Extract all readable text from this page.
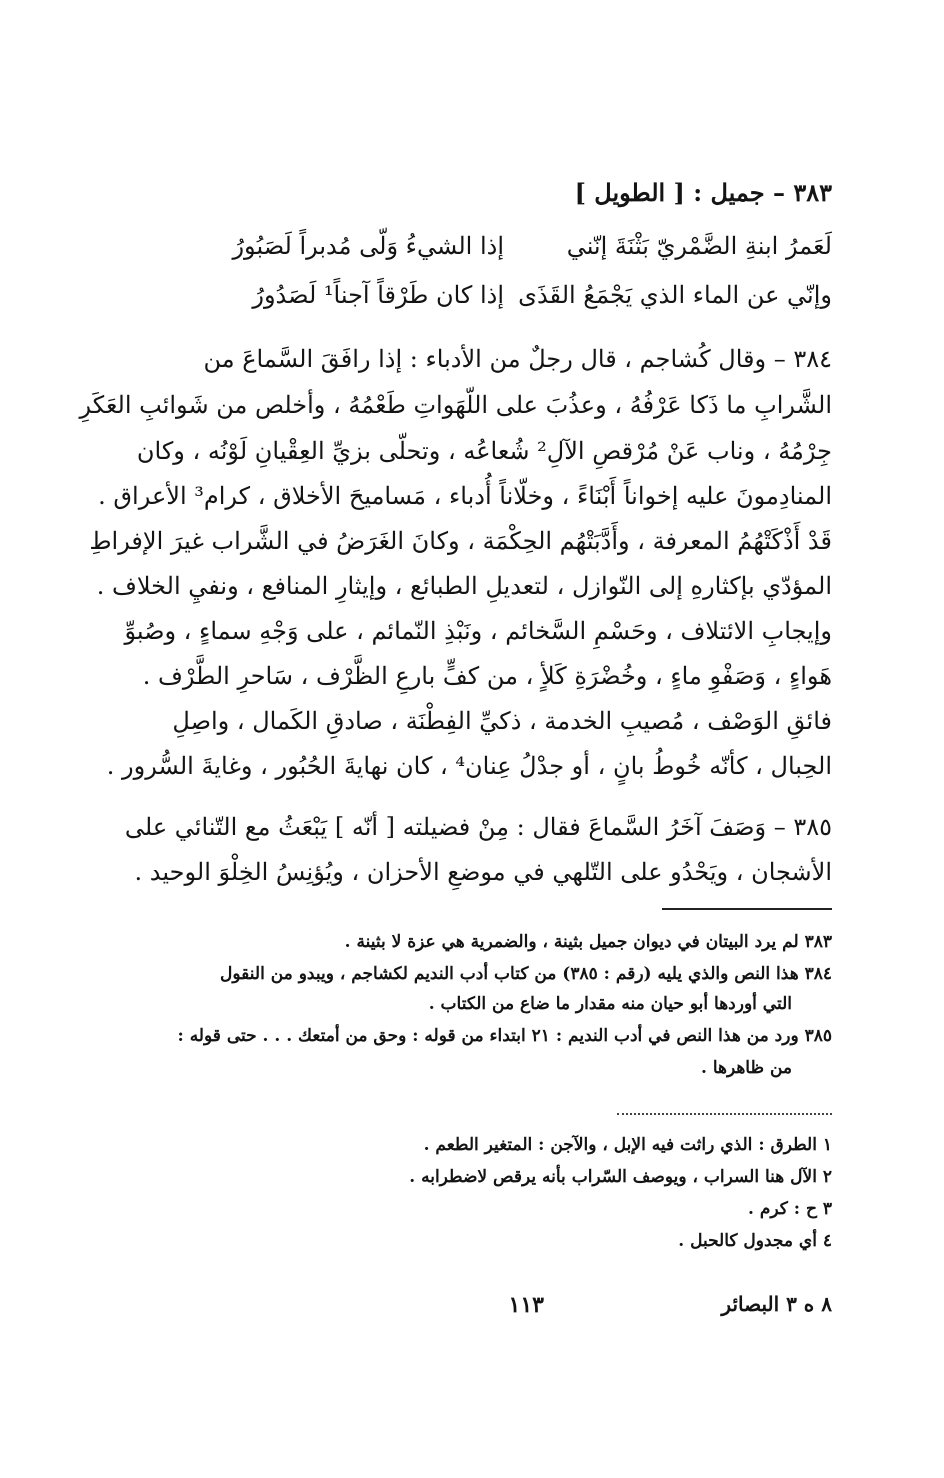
٣٨٣ – جميل : [ الطويل ]
لَعَمرُ ابنةِ الضَّمْريّ بَثْنَةَ إنّني
إذا الشيءُ وَلّى مُدبراً لَصَبُورُ
وإنّي عن الماء الذي يَجْمَعُ القَذَى
إذا كان طَرْقاً آجناً¹ لَصَدُورُ
٣٨٤ – وقال كُشاجم ، قال رجلٌ من الأدباء : إذا رافَقَ السَّماعَ من
الشَّرابِ ما ذَكا عَرْفُهُ ، وعذُبَ على اللّهَواتِ طَعْمُهُ ، وأخلص من شَوائبِ العَكَرِ
جِرْمُهُ ، وناب عَنْ مُرْقصِ الآلِ² شُعاعُه ، وتحلّى بزيِّ العِقْيانِ لَوْنُه ، وكان
المنادِمونَ عليه إخواناً أَبْنَاءً ، وخلّاناً أُدباء ، مَساميحَ الأخلاق ، كرام³ الأعراق .
قَدْ أَذْكَتْهُمُ المعرفة ، وأَدَّبَتْهُم الحِكْمَة ، وكانَ الغَرَضُ في الشَّراب غيرَ الإفراطِ
المؤدّي بإكثارهِ إلى النّوازل ، لتعديلِ الطبائع ، وإيثارِ المنافع ، ونفيِ الخلاف .
وإيجابِ الائتلاف ، وحَسْمِ السَّخائم ، ونَبْذِ النّمائم ، على وَجْهِ سماءٍ ، وصُبوِّ
هَواءٍ ، وَصَفْوِ ماءٍ ، وخُضْرَةِ كَلأٍ ، من كفٍّ بارعِ الظَّرْف ، سَاحرِ الطَّرْف .
فائقِ الوَصْف ، مُصيبِ الخدمة ، ذكيِّ الفِطْنَة ، صادقِ الكَمال ، واصِلِ
الحِبال ، كأنّه خُوطُ بانٍ ، أو جدْلُ عِنان⁴ ، كان نهايةَ الحُبُور ، وغايةَ السُّرور .
٣٨٥ – وَصَفَ آخَرُ السَّماعَ فقال : مِنْ فضيلته [ أنّه ] يَبْعَثُ مع التّنائي على
الأشجان ، ويَحْدُو على التّلهي في موضعِ الأحزان ، ويُؤنِسُ الخِلْوَ الوحيد .
٣٨٣ لم يرد البيتان في ديوان جميل بثينة ، والضمرية هي عزة لا بثينة .
٣٨٤ هذا النص والذي يليه (رقم : ٣٨٥) من كتاب أدب النديم لكشاجم ، ويبدو من النقول
التي أوردها أبو حيان منه مقدار ما ضاع من الكتاب .
٣٨٥ ورد من هذا النص في أدب النديم : ٢١ ابتداء من قوله : وحق من أمتعك . . . حتى قوله :
من ظاهرها .
١ الطرق : الذي راثت فيه الإبل ، والآجن : المتغير الطعم .
٢ الآل هنا السراب ، ويوصف السّراب بأنه يرقص لاضطرابه .
٣ ح : كرم .
٤ أي مجدول كالحبل .
٨ ه ٣ البصائر
١١٣
